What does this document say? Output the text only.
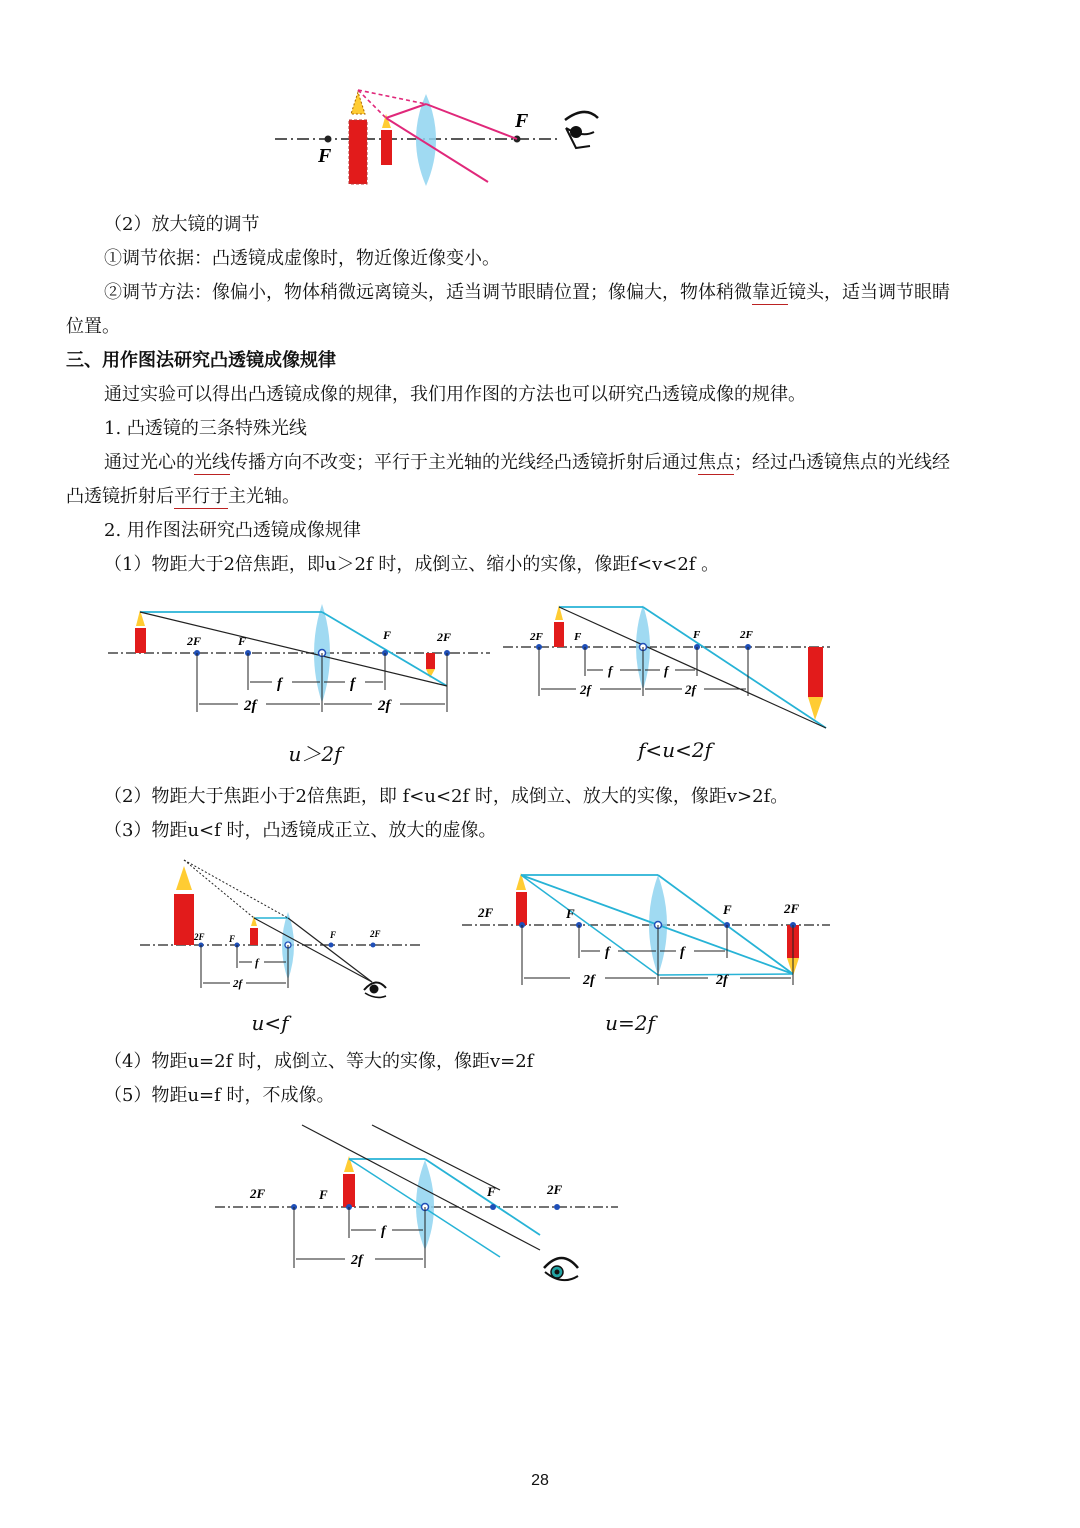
F
F
（2）放大镜的调节
①调节依据：凸透镜成虚像时，物近像近像变小。
②调节方法：像偏小，物体稍微远离镜头，适当调节眼睛位置；像偏大，物体稍微靠近镜头，适当调节眼睛
位置。
三、用作图法研究凸透镜成像规律
通过实验可以得出凸透镜成像的规律，我们用作图的方法也可以研究凸透镜成像的规律。
1. 凸透镜的三条特殊光线
通过光心的光线传播方向不改变；平行于主光轴的光线经凸透镜折射后通过焦点；经过凸透镜焦点的光线经
凸透镜折射后平行于主光轴。
2. 用作图法研究凸透镜成像规律
（1）物距大于2倍焦距，即u＞2f 时，成倒立、缩小的实像，像距f<v<2f 。
2F	F	F	2F
f	f
2f	2f
2F	F	F	2F
f	f
2f	2f
u＞2f	f<u<2f
（2）物距大于焦距小于2倍焦距，即 f<u<2f 时，成倒立、放大的实像，像距v>2f。
（3）物距u<f 时，凸透镜成正立、放大的虚像。
2F	F	F	2F
f
2f
2F	F	F	2F
f	f
2f	2f
u<f	u=2f
（4）物距u=2f 时，成倒立、等大的实像，像距v=2f
（5）物距u=f 时，不成像。
2F	F	F	2F
f
2f
28
